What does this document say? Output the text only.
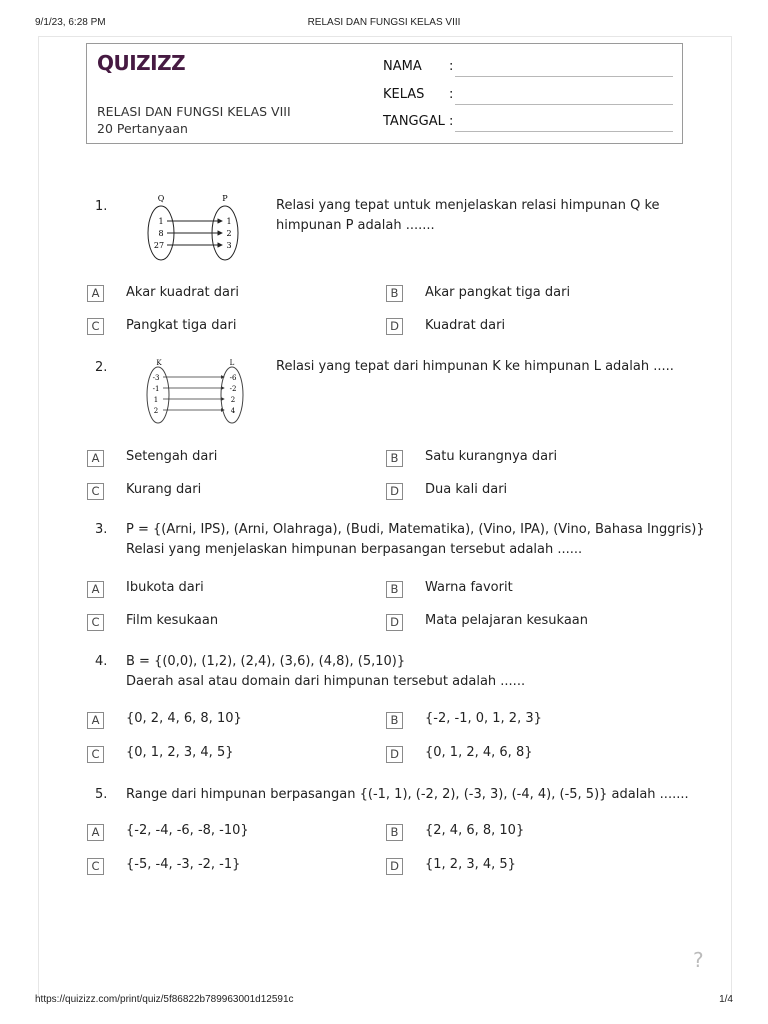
9/1/23, 6:28 PM	RELASI DAN FUNGSI KELAS VIII
QUIZIZZ
RELASI DAN FUNGSI KELAS VIII
20 Pertanyaan
NAMA :
KELAS :
TANGGAL :
1.
Q	P
1
8
27
1
2
3
Relasi yang tepat untuk menjelaskan relasi himpunan Q ke himpunan P adalah .......
A	Akar kuadrat dari	B	Akar pangkat tiga dari
C	Pangkat tiga dari	D	Kuadrat dari
2.	K	L
-3
-1
1
2
-6
-2
2
4
Relasi yang tepat dari himpunan K ke himpunan L adalah .....
A	Setengah dari	B	Satu kurangnya dari
C	Kurang dari	D	Dua kali dari
3. P = {(Arni, IPS), (Arni, Olahraga), (Budi, Matematika), (Vino, IPA), (Vino, Bahasa Inggris)}
Relasi yang menjelaskan himpunan berpasangan tersebut adalah ......
A	Ibukota dari	B	Warna favorit
C	Film kesukaan	D	Mata pelajaran kesukaan
4. B = {(0,0), (1,2), (2,4), (3,6), (4,8), (5,10)}
Daerah asal atau domain dari himpunan tersebut adalah ......
A	{0, 2, 4, 6, 8, 10}	B	{-2, -1, 0, 1, 2, 3}
C	{0, 1, 2, 3, 4, 5}	D	{0, 1, 2, 4, 6, 8}
5. Range dari himpunan berpasangan {(-1, 1), (-2, 2), (-3, 3), (-4, 4), (-5, 5)} adalah .......
A	{-2, -4, -6, -8, -10}	B	{2, 4, 6, 8, 10}
C	{-5, -4, -3, -2, -1}	D	{1, 2, 3, 4, 5}
?
https://quizizz.com/print/quiz/5f86822b789963001d12591c	1/4
